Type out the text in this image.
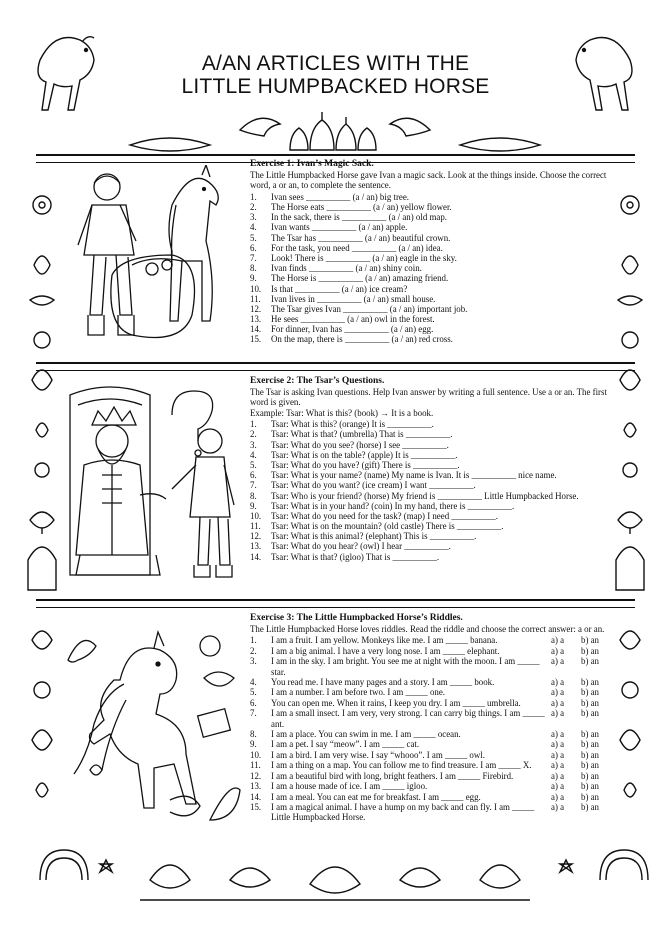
A/AN ARTICLES WITH THE
LITTLE HUMPBACKED HORSE
Exercise 1: Ivan’s Magic Sack.

The Little Humpbacked Horse gave Ivan a magic sack. Look at the things inside. Choose the correct word, a or an, to complete the sentence.

1.	Ivan sees __________ (a / an) big tree.
2.	The Horse eats __________ (a / an) yellow flower.
3.	In the sack, there is __________ (a / an) old map.
4.	Ivan wants __________ (a / an) apple.
5.	The Tsar has __________ (a / an) beautiful crown.
6.	For the task, you need __________ (a / an) idea.
7.	Look! There is __________ (a / an) eagle in the sky.
8.	Ivan finds __________ (a / an) shiny coin.
9.	The Horse is __________ (a / an) amazing friend.
10.	Is that __________ (a / an) ice cream?
11.	Ivan lives in __________ (a / an) small house.
12.	The Tsar gives Ivan __________ (a / an) important job.
13.	He sees __________ (a / an) owl in the forest.
14.	For dinner, Ivan has __________ (a / an) egg.
15.	On the map, there is __________ (a / an) red cross.
Exercise 2: The Tsar’s Questions.

The Tsar is asking Ivan questions. Help Ivan answer by writing a full sentence. Use a or an. The first word is given.

Example: Tsar: What is this? (book) → It is a book.

1.	Tsar: What is this? (orange) It is __________.
2.	Tsar: What is that? (umbrella) That is __________.
3.	Tsar: What do you see? (horse) I see __________.
4.	Tsar: What is on the table? (apple) It is __________.
5.	Tsar: What do you have? (gift) There is __________.
6.	Tsar: What is your name? (name) My name is Ivan. It is __________ nice name.
7.	Tsar: What do you want? (ice cream) I want __________.
8.	Tsar: Who is your friend? (horse) My friend is __________ Little Humpbacked Horse.
9.	Tsar: What is in your hand? (coin) In my hand, there is __________.
10.	Tsar: What do you need for the task? (map) I need __________.
11.	Tsar: What is on the mountain? (old castle) There is __________.
12.	Tsar: What is this animal? (elephant) This is __________.
13.	Tsar: What do you hear? (owl) I hear __________.
14.	Tsar: What is that? (igloo) That is __________.
Exercise 3: The Little Humpbacked Horse’s Riddles.

The Little Humpbacked Horse loves riddles. Read the riddle and choose the correct answer: a or an.

1.	I am a fruit. I am yellow. Monkeys like me. I am _____ banana.	a) a	b) an
2.	I am a big animal. I have a very long nose. I am _____ elephant.	a) a	b) an
3.	I am in the sky. I am bright. You see me at night with the moon. I am _____ star.
a) a	b) an
4.	You read me. I have many pages and a story. I am _____ book.	a) a	b) an
5.	I am a number. I am before two. I am _____ one.	a) a	b) an
6.	You can open me. When it rains, I keep you dry. I am _____ umbrella.	a) a	b) an
7.	I am a small insect. I am very, very strong. I can carry big things. I am _____ ant.
a) a	b) an
8.	I am a place. You can swim in me. I am _____ ocean.	a) a	b) an
9.	I am a pet. I say “meow”. I am _____ cat.	a) a	b) an
10.	I am a bird. I am very wise. I say “whooo”. I am _____ owl.	a) a	b) an
11.	I am a thing on a map. You can follow me to find treasure. I am _____ X.	a) a	b) an
12.	I am a beautiful bird with long, bright feathers. I am _____ Firebird.	a) a	b) an
13.	I am a house made of ice. I am _____ igloo.	a) a	b) an
14.	I am a meal. You can eat me for breakfast. I am _____ egg.	a) a	b) an
15.	I am a magical animal. I have a hump on my back and can fly. I am _____ Little Humpbacked Horse.
a) a	b) an
